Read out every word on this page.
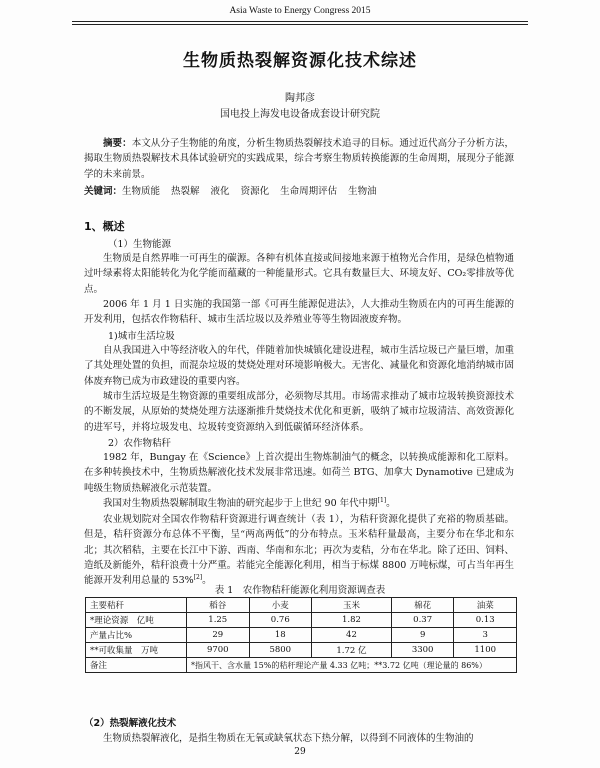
Asia Waste to Energy Congress 2015
生物质热裂解资源化技术综述
陶邦彦
国电投上海发电设备成套设计研究院

摘要：本文从分子生物能的角度，分析生物质热裂解技术追寻的目标。通过近代高分子分析方法，揭取生物质热裂解技术具体试验研究的实践成果，综合考察生物质转换能源的生命周期，展现分子能源学的未来前景。

关键词：生物质能 热裂解 液化 资源化 生命周期评估 生物油

1、概述
（1）生物能源

生物质是自然界唯一可再生的碳源。各种有机体直接或间接地来源于植物光合作用，是绿色植物通过叶绿素将太阳能转化为化学能而蕴藏的一种能量形式。它具有数量巨大、环境友好、CO₂零排放等优点。

2006 年 1 月 1 日实施的我国第一部《可再生能源促进法》，人大推动生物质在内的可再生能源的开发利用，包括农作物秸秆、城市生活垃圾以及养殖业等等生物固液废弃物。

1)城市生活垃圾

自从我国进入中等经济收入的年代，伴随着加快城镇化建设进程，城市生活垃圾已产量巨增，加重了其处理处置的负担，而混杂垃圾的焚烧处理对环境影响极大。无害化、减量化和资源化地消纳城市固体废弃物已成为市政建设的重要内容。

城市生活垃圾是生物资源的重要组成部分，必须物尽其用。市场需求推动了城市垃圾转换资源技术的不断发展，从原始的焚烧处理方法逐渐推升焚烧技术优化和更新，吸纳了城市垃圾清洁、高效资源化的进军号，并将垃圾发电、垃圾转变资源纳入到低碳循环经济体系。

2）农作物秸秆

1982 年，Bungay 在《Science》上首次提出生物炼制油气的概念，以转换成能源和化工原料。在多种转换技术中，生物质热解液化技术发展非常迅速。如荷兰 BTG、加拿大 Dynamotive 已建成为吨级生物质热解液化示范装置。

我国对生物质热裂解制取生物油的研究起步于上世纪 90 年代中期[1]。

农业规划院对全国农作物秸秆资源进行调查统计（表 1），为秸秆资源化提供了充裕的物质基础。但是，秸秆资源分布总体不平衡，呈“两高两低”的分布特点。玉米秸秆量最高，主要分布在华北和东北；其次稻秸，主要在长江中下游、西南、华南和东北；再次为麦秸，分布在华北。除了还田、饲料、造纸及新能外，秸秆浪费十分严重。若能完全能源化利用，相当于标煤 8800 万吨标煤，可占当年再生能源开发利用总量的 53%[2]。

表 1　农作物秸秆能源化利用资源调查表
主要秸秆	稻谷	小麦	玉米	棉花	油菜
*理论资源　亿吨	1.25	0.76	1.82	0.37	0.13
产量占比%	29	18	42	9	3
**可收集量　万吨	9700	5800	1.72 亿	3300	1100
备注	*指风干、含水量 15%的秸秆理论产量 4.33 亿吨；**3.72 亿吨（理论量的 86%）				
（2）热裂解液化技术

生物质热裂解液化，是指生物质在无氧或缺氧状态下热分解，以得到不同液体的生物油的

29
